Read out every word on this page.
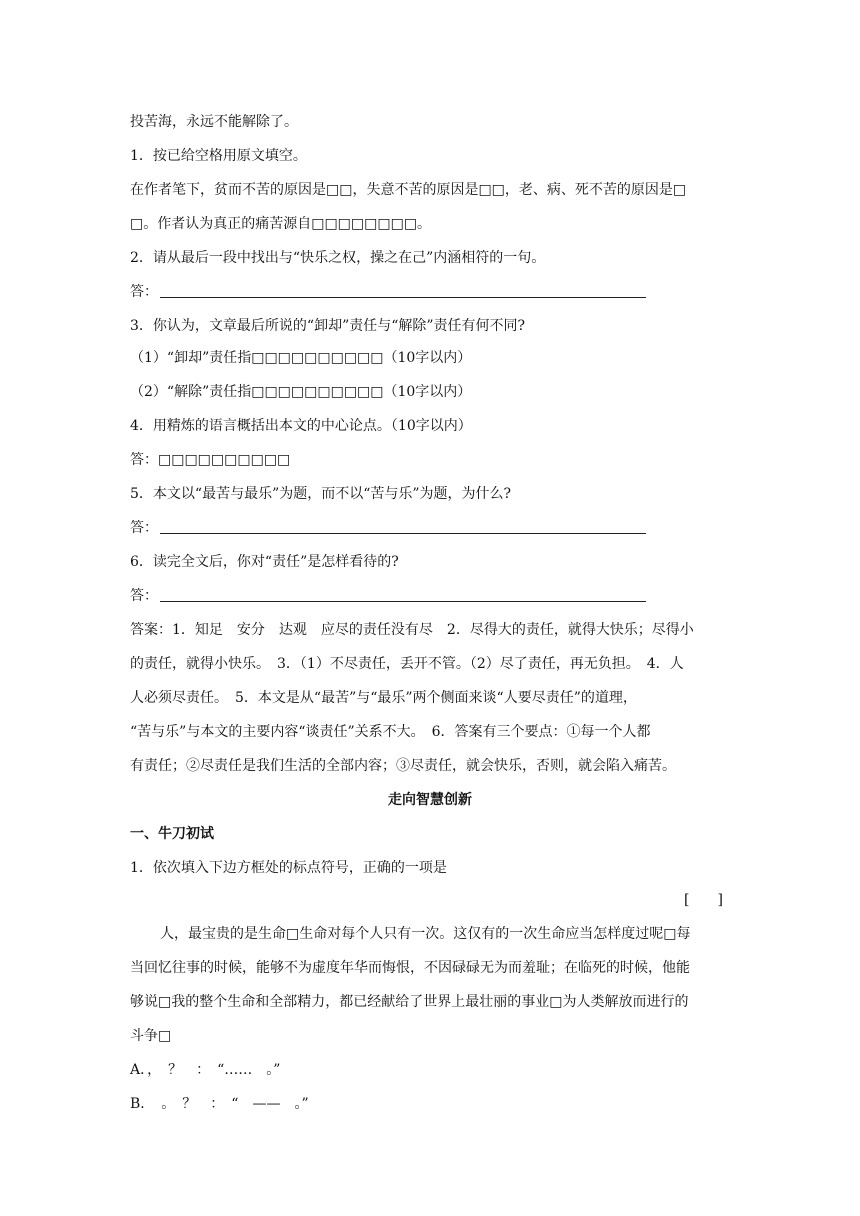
投苦海，永远不能解除了。
1．按已给空格用原文填空。
在作者笔下，贫而不苦的原因是□□，失意不苦的原因是□□，老、病、死不苦的原因是□
□。作者认为真正的痛苦源自□□□□□□□□。
2．请从最后一段中找出与“快乐之权，操之在己”内涵相符的一句。
答：
3．你认为，文章最后所说的“卸却”责任与“解除”责任有何不同?
（1）“卸却”责任指□□□□□□□□□□（10字以内）
（2）“解除”责任指□□□□□□□□□□（10字以内）
4．用精炼的语言概括出本文的中心论点。（10字以内）
答：□□□□□□□□□□
5．本文以“最苦与最乐”为题，而不以“苦与乐”为题，为什么?
答：
6．读完全文后，你对“责任”是怎样看待的?
答：
答案：1．知足　安分　达观　应尽的责任没有尽　2．尽得大的责任，就得大快乐；尽得小
的责任，就得小快乐。　3．（1）不尽责任，丢开不管。（2）尽了责任，再无负担。　4．人
人必须尽责任。　5．本文是从“最苦”与“最乐”两个侧面来谈“人要尽责任”的道理，
“苦与乐”与本文的主要内容“谈责任”关系不大。　6．答案有三个要点：①每一个人都
有责任；②尽责任是我们生活的全部内容；③尽责任，就会快乐，否则，就会陷入痛苦。
走向智慧创新
一、牛刀初试
1．依次填入下边方框处的标点符号，正确的一项是
[　　]
人，最宝贵的是生命□生命对每个人只有一次。这仅有的一次生命应当怎样度过呢□每
当回忆往事的时候，能够不为虚度年华而悔恨，不因碌碌无为而羞耻；在临死的时候，他能
够说□我的整个生命和全部精力，都已经献给了世界上最壮丽的事业□为人类解放而进行的
斗争□
A．，　？　：　“……　。”
B．　。　？　：　“　——　。”
